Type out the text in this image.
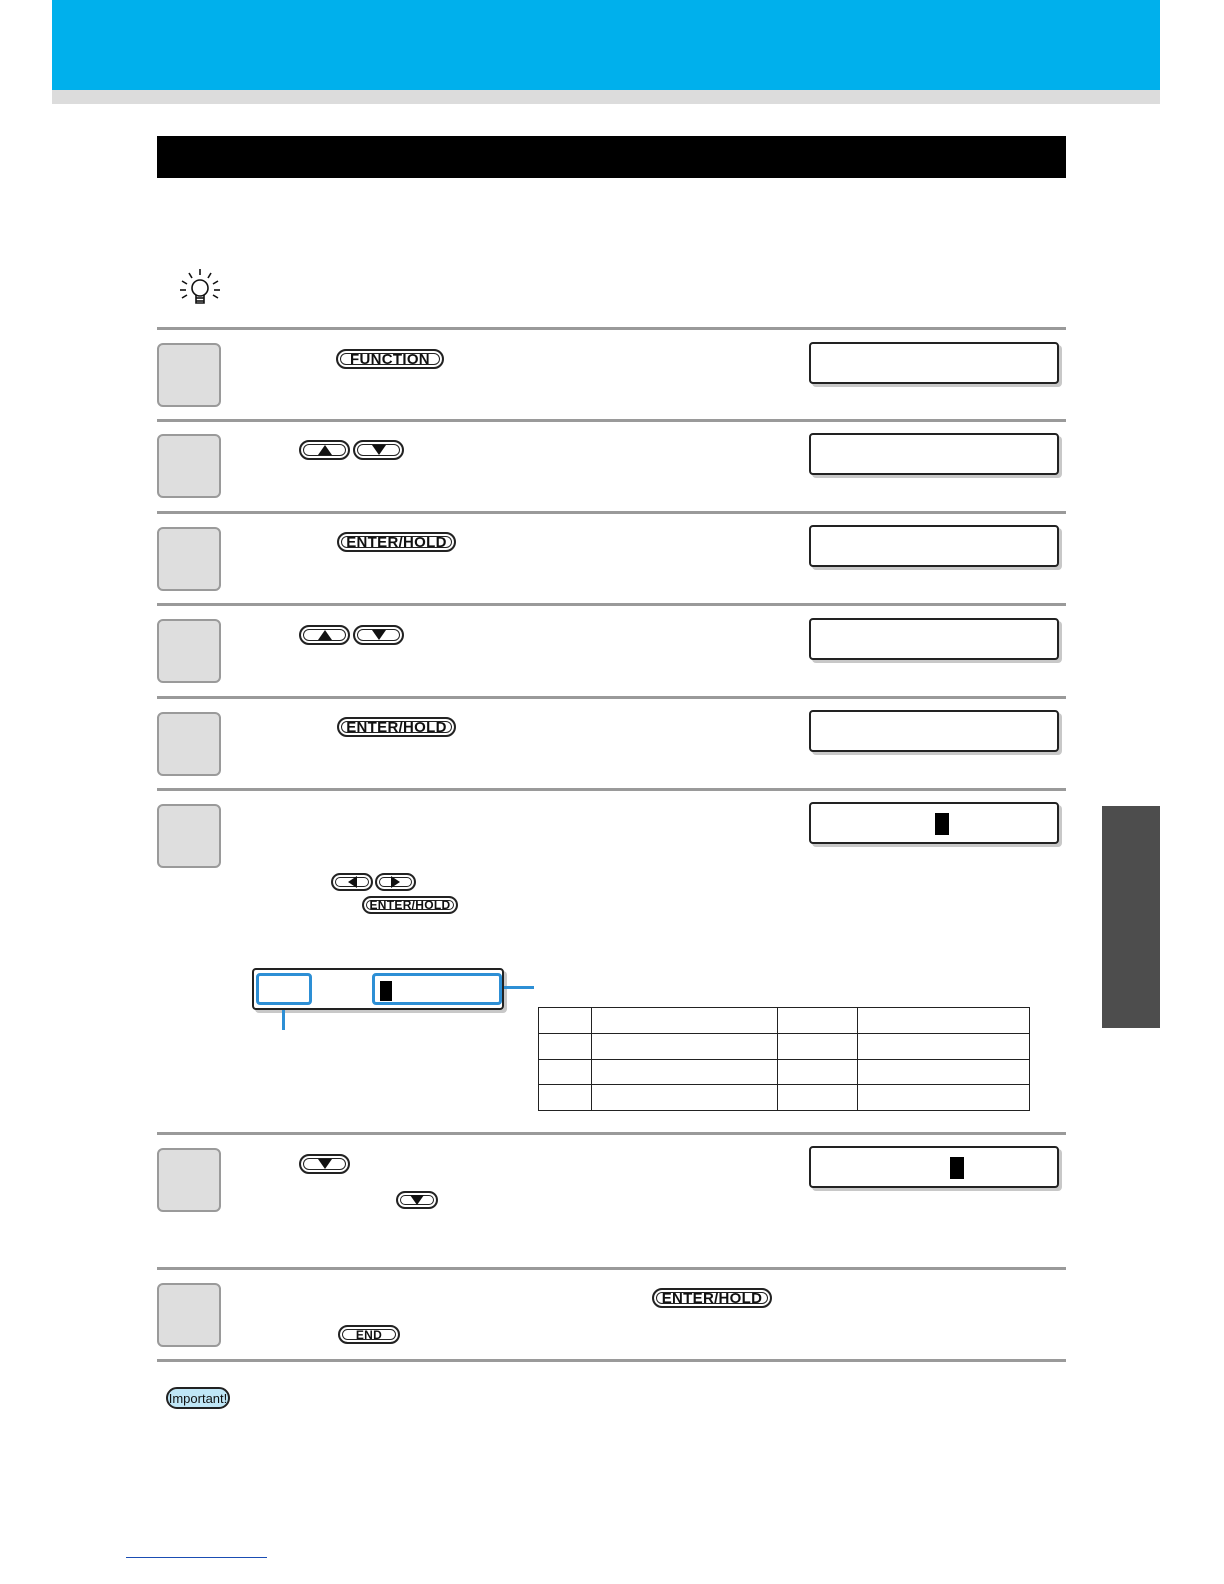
FUNCTION
ENTER/HOLD
ENTER/HOLD
ENTER/HOLD

ENTER/HOLD
END
Important!
